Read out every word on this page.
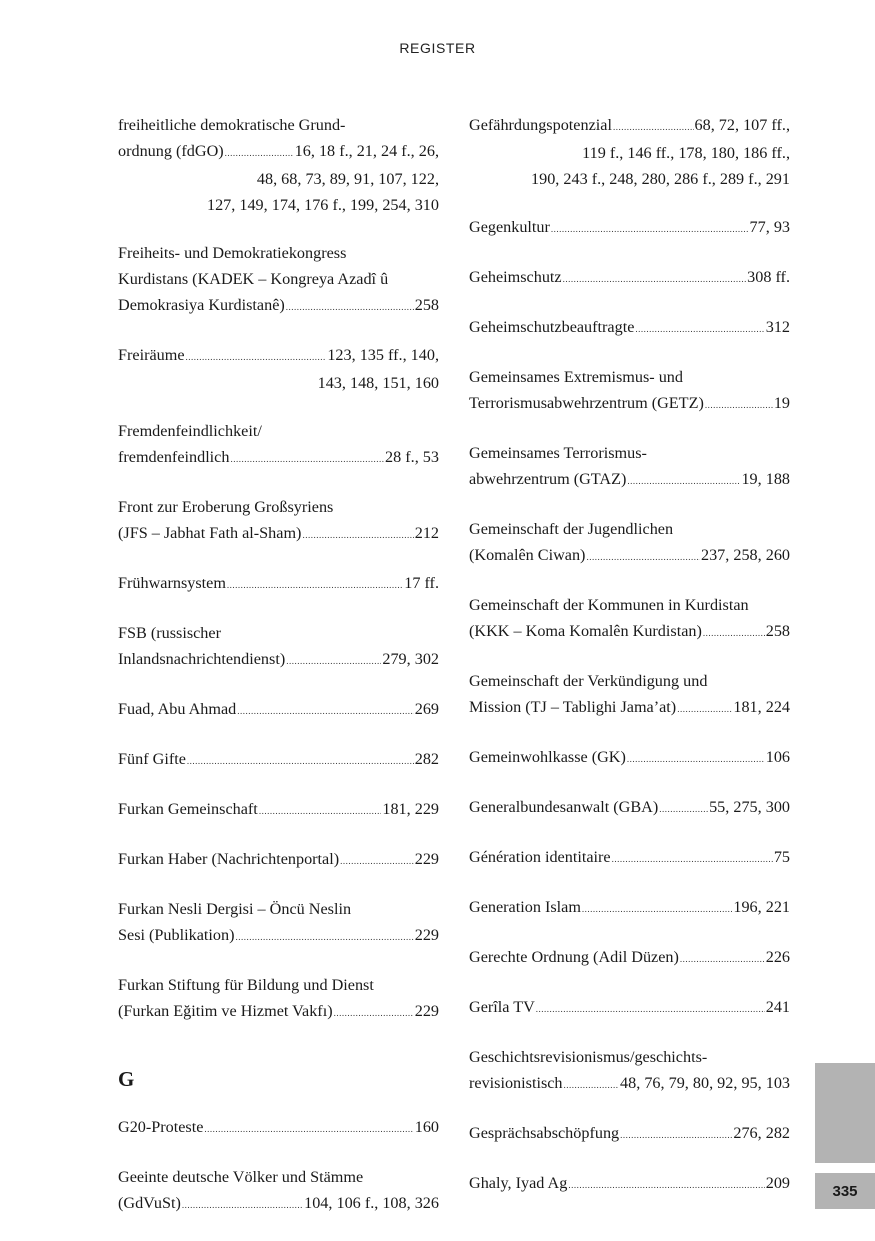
REGISTER
freiheitliche demokratische Grund-
ordnung (fdGO) .....	16, 18 f., 21, 24 f., 26,
48, 68, 73, 89, 91, 107, 122,
127, 149, 174, 176 f., 199, 254, 310
Freiheits- und Demokratiekongress
Kurdistans (KADEK – Kongreya Azadî û
Demokrasiya Kurdistanê) .....	258
Freiräume .....	123, 135 ff., 140,
143, 148, 151, 160
Fremdenfeindlichkeit/
fremdenfeindlich .....	28 f., 53
Front zur Eroberung Großsyriens
(JFS – Jabhat Fath al-Sham) .....	212
Frühwarnsystem .....	17 ff.
FSB (russischer
Inlandsnachrichtendienst) .....	279, 302
Fuad, Abu Ahmad .....	269
Fünf Gifte .....	282
Furkan Gemeinschaft .....	181, 229
Furkan Haber (Nachrichtenportal) .....	229
Furkan Nesli Dergisi – Öncü Neslin
Sesi (Publikation) .....	229
Furkan Stiftung für Bildung und Dienst
(Furkan Eğitim ve Hizmet Vakfı) .....	229
G
G20-Proteste .....	160
Geeinte deutsche Völker und Stämme
(GdVuSt) .....	104, 106 f., 108, 326
Gefährdungspotenzial .....	68, 72, 107 ff.,
119 f., 146 ff., 178, 180, 186 ff.,
190, 243 f., 248, 280, 286 f., 289 f., 291
Gegenkultur .....	77, 93
Geheimschutz .....	308 ff.
Geheimschutzbeauftragte .....	312
Gemeinsames Extremismus- und
Terrorismusabwehrzentrum (GETZ) .....	19
Gemeinsames Terrorismus-
abwehrzentrum (GTAZ) .....	19, 188
Gemeinschaft der Jugendlichen
(Komalên Ciwan) .....	237, 258, 260
Gemeinschaft der Kommunen in Kurdistan
(KKK – Koma Komalên Kurdistan) .....	258
Gemeinschaft der Verkündigung und
Mission (TJ – Tablighi Jama’at) .....	181, 224
Gemeinwohlkasse (GK) .....	106
Generalbundesanwalt (GBA) .....	55, 275, 300
Génération identitaire .....	75
Generation Islam .....	196, 221
Gerechte Ordnung (Adil Düzen) .....	226
Gerîla TV .....	241
Geschichtsrevisionismus/geschichts-
revisionistisch .....	48, 76, 79, 80, 92, 95, 103
Gesprächsabschöpfung .....	276, 282
Ghaly, Iyad Ag .....	209	335
